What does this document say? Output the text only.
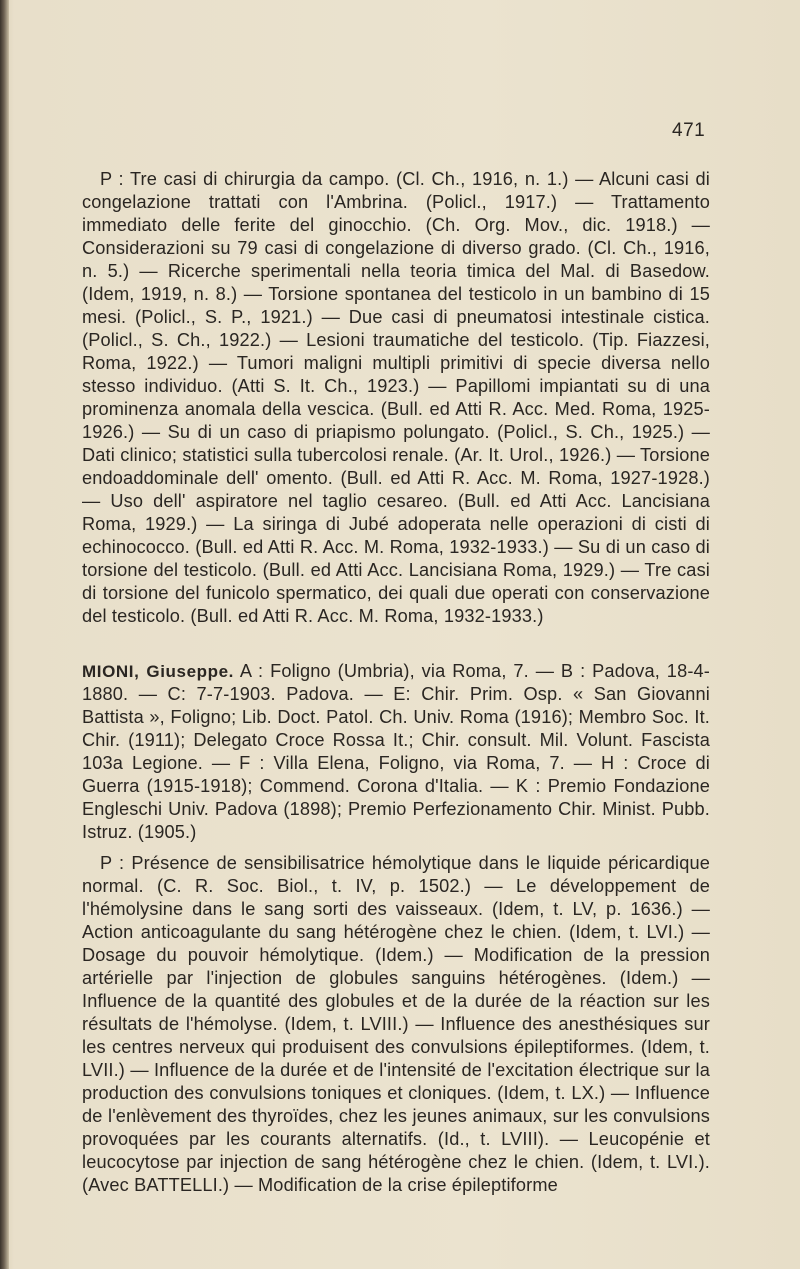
471

P : Tre casi di chirurgia da campo. (Cl. Ch., 1916, n. 1.) — Alcuni casi di congelazione trattati con l'Ambrina. (Policl., 1917.) — Trattamento immediato delle ferite del ginocchio. (Ch. Org. Mov., dic. 1918.) — Considerazioni su 79 casi di congelazione di diverso grado. (Cl. Ch., 1916, n. 5.) — Ricerche sperimentali nella teoria timica del Mal. di Basedow. (Idem, 1919, n. 8.) — Torsione spontanea del testicolo in un bambino di 15 mesi. (Policl., S. P., 1921.) — Due casi di pneumatosi intestinale cistica. (Policl., S. Ch., 1922.) — Lesioni traumatiche del testicolo. (Tip. Fiazzesi, Roma, 1922.) — Tumori maligni multipli primitivi di specie diversa nello stesso individuo. (Atti S. It. Ch., 1923.) — Papillomi impiantati su di una prominenza anomala della vescica. (Bull. ed Atti R. Acc. Med. Roma, 1925-1926.) — Su di un caso di priapismo polungato. (Policl., S. Ch., 1925.) — Dati clinico; statistici sulla tubercolosi renale. (Ar. It. Urol., 1926.) — Torsione endoaddominale dell' omento. (Bull. ed Atti R. Acc. M. Roma, 1927-1928.) — Uso dell' aspiratore nel taglio cesareo. (Bull. ed Atti Acc. Lancisiana Roma, 1929.) — La siringa di Jubé adoperata nelle operazioni di cisti di echinococco. (Bull. ed Atti R. Acc. M. Roma, 1932-1933.) — Su di un caso di torsione del testicolo. (Bull. ed Atti Acc. Lancisiana Roma, 1929.) — Tre casi di torsione del funicolo spermatico, dei quali due operati con conservazione del testicolo. (Bull. ed Atti R. Acc. M. Roma, 1932-1933.)

MIONI, Giuseppe. A : Foligno (Umbria), via Roma, 7. — B : Padova, 18-4-1880. — C: 7-7-1903. Padova. — E: Chir. Prim. Osp. « San Giovanni Battista », Foligno; Lib. Doct. Patol. Ch. Univ. Roma (1916); Membro Soc. It. Chir. (1911); Delegato Croce Rossa It.; Chir. consult. Mil. Volunt. Fascista 103a Legione. — F : Villa Elena, Foligno, via Roma, 7. — H : Croce di Guerra (1915-1918); Commend. Corona d'Italia. — K : Premio Fondazione Engleschi Univ. Padova (1898); Premio Perfezionamento Chir. Minist. Pubb. Istruz. (1905.)

P : Présence de sensibilisatrice hémolytique dans le liquide péricardique normal. (C. R. Soc. Biol., t. IV, p. 1502.) — Le développement de l'hémolysine dans le sang sorti des vaisseaux. (Idem, t. LV, p. 1636.) — Action anticoagulante du sang hétérogène chez le chien. (Idem, t. LVI.) — Dosage du pouvoir hémolytique. (Idem.) — Modification de la pression artérielle par l'injection de globules sanguins hétérogènes. (Idem.) — Influence de la quantité des globules et de la durée de la réaction sur les résultats de l'hémolyse. (Idem, t. LVIII.) — Influence des anesthésiques sur les centres nerveux qui produisent des convulsions épileptiformes. (Idem, t. LVII.) — Influence de la durée et de l'intensité de l'excitation électrique sur la production des convulsions toniques et cloniques. (Idem, t. LX.) — Influence de l'enlèvement des thyroïdes, chez les jeunes animaux, sur les convulsions provoquées par les courants alternatifs. (Id., t. LVIII). — Leucopénie et leucocytose par injection de sang hétérogène chez le chien. (Idem, t. LVI.). (Avec BATTELLI.) — Modification de la crise épileptiforme
